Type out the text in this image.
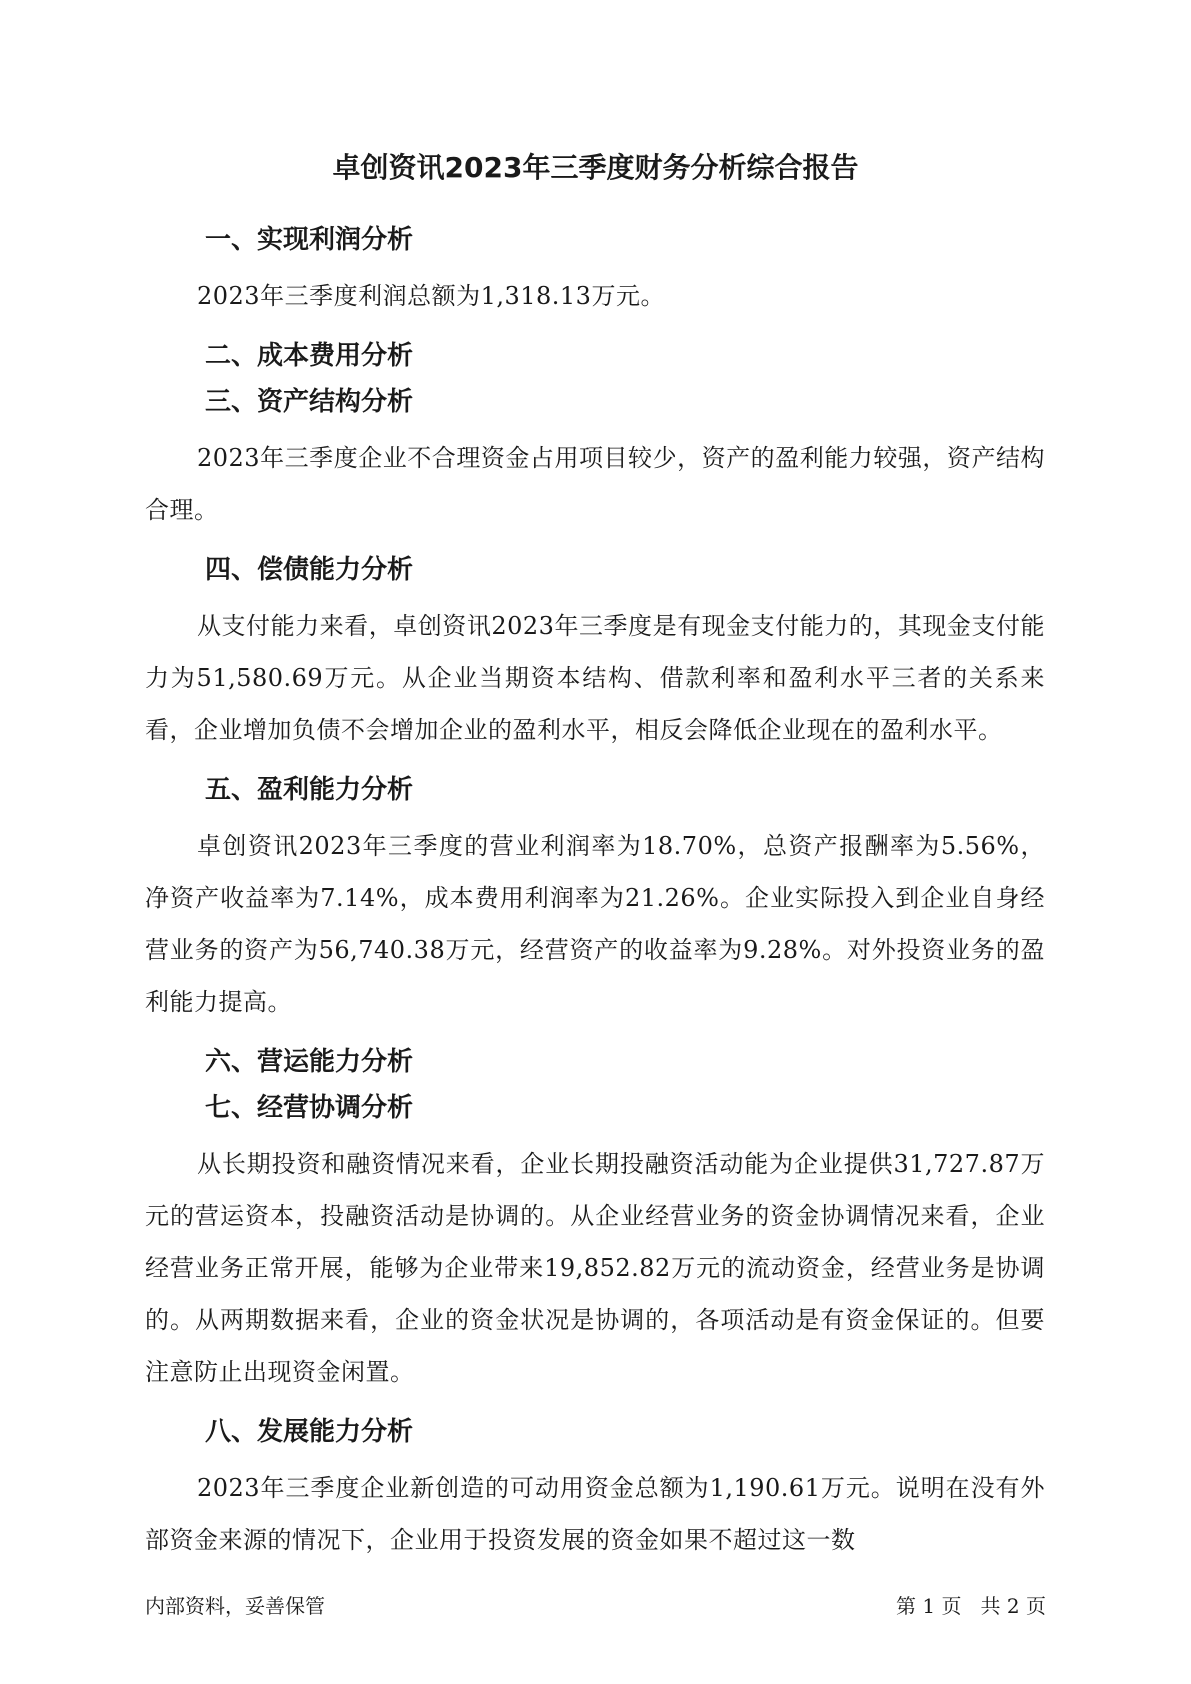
卓创资讯2023年三季度财务分析综合报告
一、实现利润分析

2023年三季度利润总额为1,318.13万元。

二、成本费用分析
三、资产结构分析

2023年三季度企业不合理资金占用项目较少，资产的盈利能力较强，资产结构合理。

四、偿债能力分析

从支付能力来看，卓创资讯2023年三季度是有现金支付能力的，其现金支付能力为51,580.69万元。从企业当期资本结构、借款利率和盈利水平三者的关系来看，企业增加负债不会增加企业的盈利水平，相反会降低企业现在的盈利水平。

五、盈利能力分析

卓创资讯2023年三季度的营业利润率为18.70%，总资产报酬率为5.56%，净资产收益率为7.14%，成本费用利润率为21.26%。企业实际投入到企业自身经营业务的资产为56,740.38万元，经营资产的收益率为9.28%。对外投资业务的盈利能力提高。

六、营运能力分析
七、经营协调分析

从长期投资和融资情况来看，企业长期投融资活动能为企业提供31,727.87万元的营运资本，投融资活动是协调的。从企业经营业务的资金协调情况来看，企业经营业务正常开展，能够为企业带来19,852.82万元的流动资金，经营业务是协调的。从两期数据来看，企业的资金状况是协调的，各项活动是有资金保证的。但要注意防止出现资金闲置。

八、发展能力分析

2023年三季度企业新创造的可动用资金总额为1,190.61万元。说明在没有外部资金来源的情况下，企业用于投资发展的资金如果不超过这一数

内部资料，妥善保管	第 1 页   共 2 页
